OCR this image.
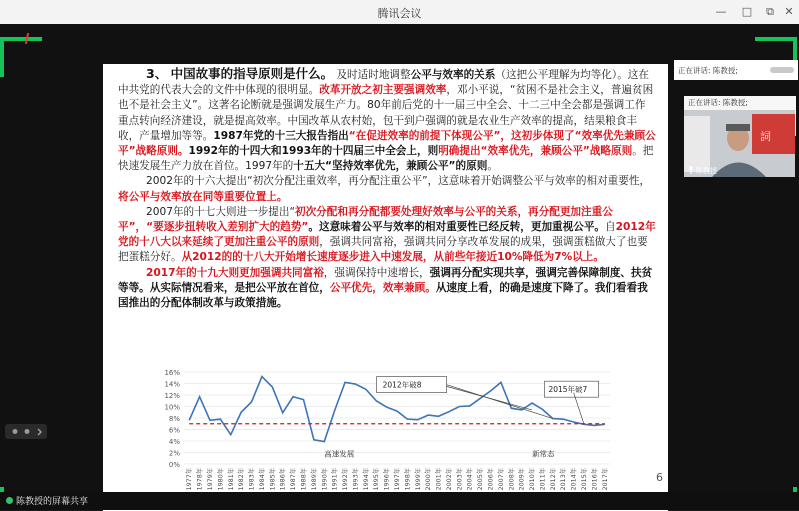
腾讯会议	—	□	⧉ ✕
正在讲话: 陈教授;
正在讲话: 陈教授;
詞
陈教授

3、 中国故事的指导原则是什么。 及时适时地调整公平与效率的关系（这把公平理解为均等化）。这在中共党的代表大会的文件中体现的很明显。改革开放之初主要强调效率，邓小平说，“贫困不是社会主义，普遍贫困也不是社会主义”。这著名论断就是强调发展生产力。80年前后党的十一届三中全会、十二三中全会都是强调工作重点转向经济建设，就是提高效率。中国改革从农村始，包干到户强调的就是农业生产效率的提高，结果粮食丰收，产量增加等等。1987年党的十三大报告指出“在促进效率的前提下体现公平”，这初步体现了“效率优先兼顾公平”战略原则。1992年的十四大和1993年的十四届三中全会上，则明确提出“效率优先，兼顾公平”战略原则。把快速发展生产力放在首位。1997年的十五大“坚持效率优先，兼顾公平”的原则。

2002年的十六大提出“初次分配注重效率，再分配注重公平”，这意味着开始调整公平与效率的相对重要性，将公平与效率放在同等重要位置上。

2007年的十七大则进一步提出“初次分配和再分配都要处理好效率与公平的关系，再分配更加注重公平”，“要逐步扭转收入差别扩大的趋势”。这意味着公平与效率的相对重要性已经反转，更加重视公平。自2012年党的十八大以来延续了更加注重公平的原则，强调共同富裕，强调共同分享改革发展的成果，强调蛋糕做大了也要把蛋糕分好。从2012的的十八大开始增长速度逐步进入中速发展，从前些年接近10%降低为7%以上。

2017年的十九大则更加强调共同富裕，强调保持中速增长，强调再分配实现共享，强调完善保障制度、扶贫等等。从实际情况看来，是把公平放在首位，公平优先，效率兼顾。从速度上看，的确是速度下降了。我们看看我国推出的分配体制改革与政策措施。

0%
2%
4%
6%
8%
10%
12%
14%
16%
1977年 1978年 1979年 1980年 1981年 1982年 1983年 1984年 1985年 1986年 1987年 1988年 1989年 1990年 1991年 1992年 1993年 1994年 1995年 1996年 1997年 1998年 1999年 2000年 2001年 2002年 2003年 2004年 2005年 2006年 2007年 2008年 2009年 2010年 2011年 2012年 2013年 2014年 2015年 2016年 2017年
高速发展	新常态
2012年破8
2015年破7
6
陈教授的屏幕共享
